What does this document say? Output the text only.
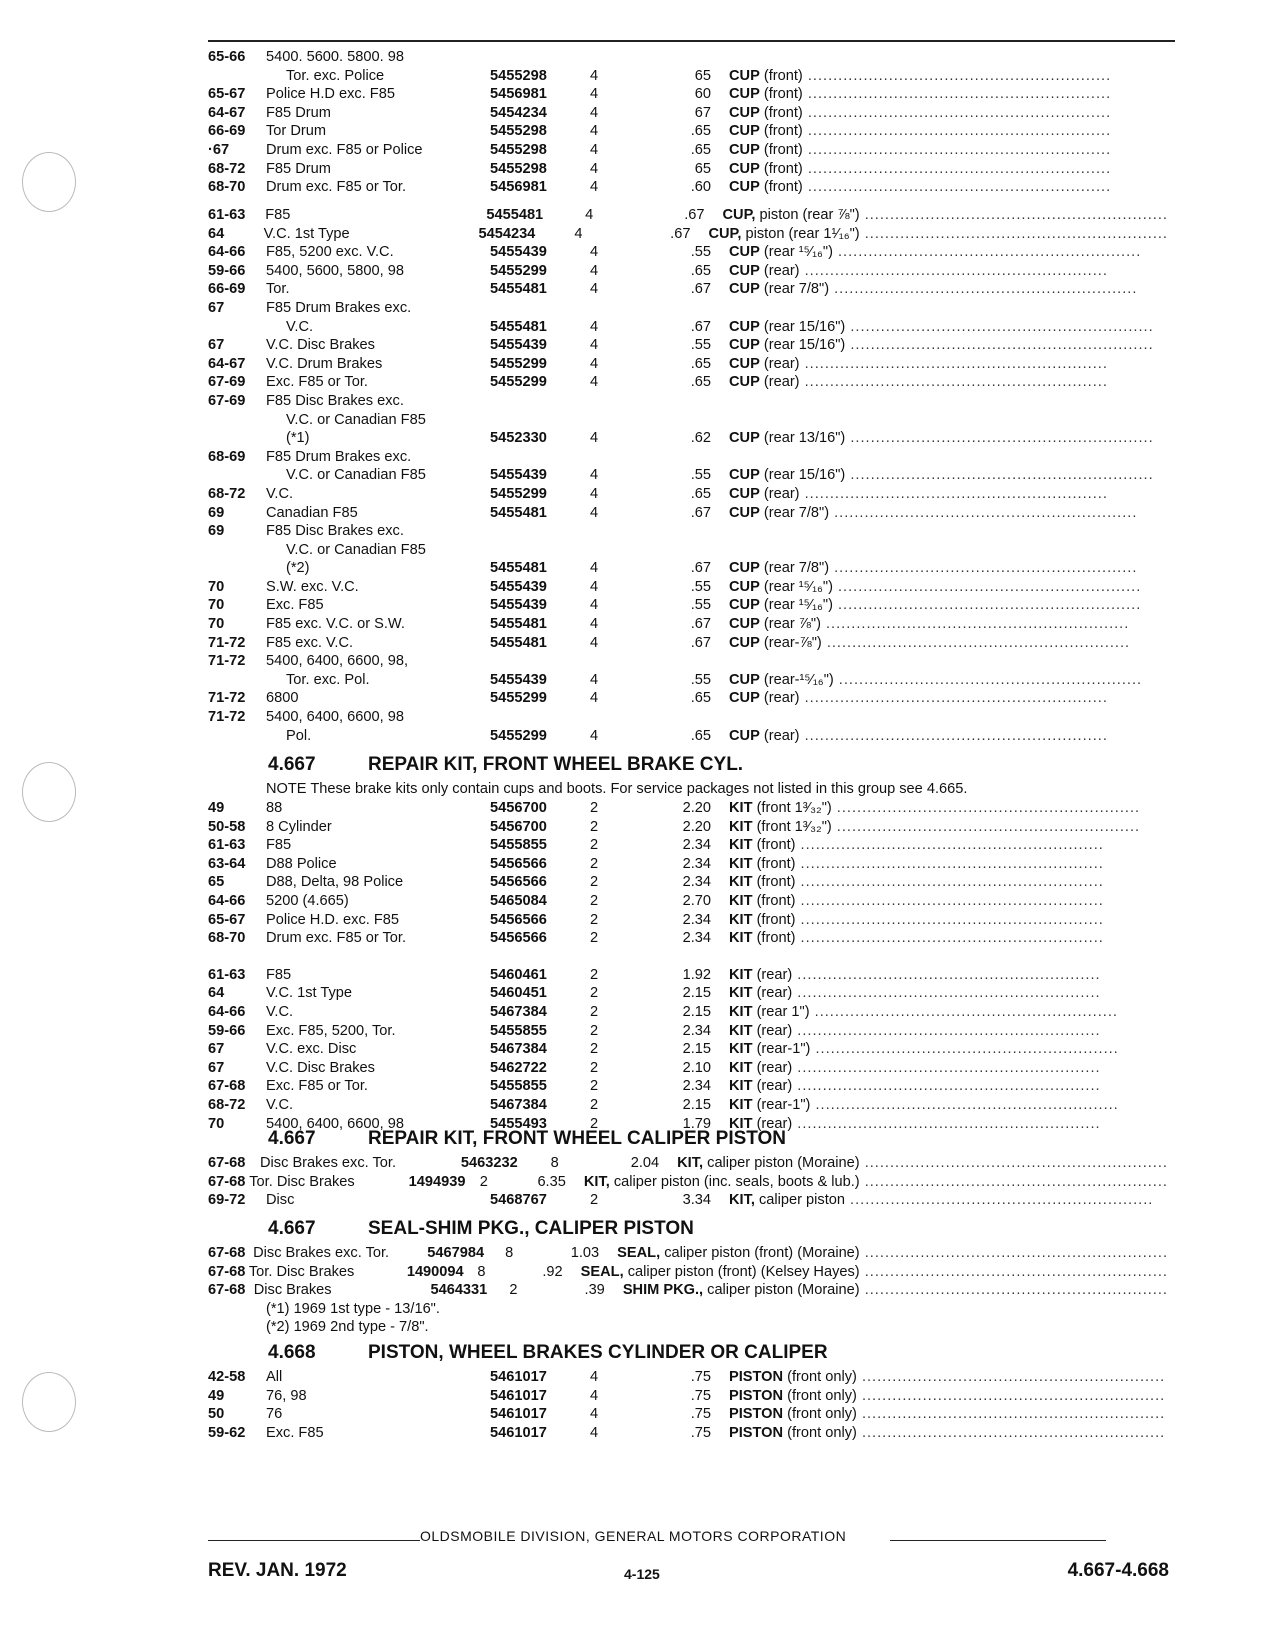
65-66	5400. 5600. 5800. 98
Tor. exc. Police	5455298	4	65	CUP (front) ............................................................
65-67	Police H.D exc. F85	5456981	4	60	CUP (front) ............................................................
64-67	F85 Drum	5454234	4	67	CUP (front) ............................................................
66-69	Tor Drum	5455298	4	.65	CUP (front) ............................................................
·67	Drum exc. F85 or Police	5455298	4	.65	CUP (front) ............................................................
68-72	F85 Drum	5455298	4	65	CUP (front) ............................................................
68-70	Drum exc. F85 or Tor.	5456981	4	.60	CUP (front) ............................................................
61-63	F85	5455481	4	.67	CUP, piston (rear ⅞") ............................................................
64	V.C. 1st Type	5454234	4	.67	CUP, piston (rear 1¹⁄₁₆") ............................................................
64-66	F85, 5200 exc. V.C.	5455439	4	.55	CUP (rear ¹⁵⁄₁₆") ............................................................
59-66	5400, 5600, 5800, 98	5455299	4	.65	CUP (rear) ............................................................
66-69	Tor.	5455481	4	.67	CUP (rear 7/8") ............................................................
67	F85 Drum Brakes exc.
V.C.	5455481	4	.67	CUP (rear 15/16") ............................................................
67	V.C. Disc Brakes	5455439	4	.55	CUP (rear 15/16") ............................................................
64-67	V.C. Drum Brakes	5455299	4	.65	CUP (rear) ............................................................
67-69	Exc. F85 or Tor.	5455299	4	.65	CUP (rear) ............................................................
67-69	F85 Disc Brakes exc.
V.C. or Canadian F85
(*1)	5452330	4	.62	CUP (rear 13/16") ............................................................
68-69	F85 Drum Brakes exc.
V.C. or Canadian F85	5455439	4	.55	CUP (rear 15/16") ............................................................
68-72	V.C.	5455299	4	.65	CUP (rear) ............................................................
69	Canadian F85	5455481	4	.67	CUP (rear 7/8") ............................................................
69	F85 Disc Brakes exc.
V.C. or Canadian F85
(*2)	5455481	4	.67	CUP (rear 7/8") ............................................................
70	S.W. exc. V.C.	5455439	4	.55	CUP (rear ¹⁵⁄₁₆") ............................................................
70	Exc. F85	5455439	4	.55	CUP (rear ¹⁵⁄₁₆") ............................................................
70	F85 exc. V.C. or S.W.	5455481	4	.67	CUP (rear ⅞") ............................................................
71-72	F85 exc. V.C.	5455481	4	.67	CUP (rear-⅞") ............................................................
71-72	5400, 6400, 6600, 98,
Tor. exc. Pol.	5455439	4	.55	CUP (rear-¹⁵⁄₁₆") ............................................................
71-72	6800	5455299	4	.65	CUP (rear) ............................................................
71-72	5400, 6400, 6600, 98
Pol.	5455299	4	.65	CUP (rear) ............................................................
4.667	REPAIR KIT, FRONT WHEEL BRAKE CYL.
NOTE These brake kits only contain cups and boots. For service packages not listed in this group see 4.665.
49	88	5456700	2	2.20	KIT (front 1³⁄₃₂") ............................................................
50-58	8 Cylinder	5456700	2	2.20	KIT (front 1³⁄₃₂") ............................................................
61-63	F85	5455855	2	2.34	KIT (front) ............................................................
63-64	D88 Police	5456566	2	2.34	KIT (front) ............................................................
65	D88, Delta, 98 Police	5456566	2	2.34	KIT (front) ............................................................
64-66	5200 (4.665)	5465084	2	2.70	KIT (front) ............................................................
65-67	Police H.D. exc. F85	5456566	2	2.34	KIT (front) ............................................................
68-70	Drum exc. F85 or Tor.	5456566	2	2.34	KIT (front) ............................................................
61-63	F85	5460461	2	1.92	KIT (rear) ............................................................
64	V.C. 1st Type	5460451	2	2.15	KIT (rear) ............................................................
64-66	V.C.	5467384	2	2.15	KIT (rear 1") ............................................................
59-66	Exc. F85, 5200, Tor.	5455855	2	2.34	KIT (rear) ............................................................
67	V.C. exc. Disc	5467384	2	2.15	KIT (rear-1") ............................................................
67	V.C. Disc Brakes	5462722	2	2.10	KIT (rear) ............................................................
67-68	Exc. F85 or Tor.	5455855	2	2.34	KIT (rear) ............................................................
68-72	V.C.	5467384	2	2.15	KIT (rear-1") ............................................................
70	5400, 6400, 6600, 98	5455493	2	1.79	KIT (rear) ............................................................
4.667	REPAIR KIT, FRONT WHEEL CALIPER PISTON
67-68	Disc Brakes exc. Tor.	5463232	8	2.04	KIT, caliper piston (Moraine) ............................................................
67-68 Tor. Disc Brakes	1494939 2	6.35	KIT, caliper piston (inc. seals, boots & lub.) ............................................................
69-72	Disc	5468767	2	3.34	KIT, caliper piston ............................................................
4.667	SEAL-SHIM PKG., CALIPER PISTON
67-68 Disc Brakes exc. Tor.	5467984	8	1.03	SEAL, caliper piston (front) (Moraine) ............................................................
67-68 Tor. Disc Brakes	1490094 8	.92	SEAL, caliper piston (front) (Kelsey Hayes) ............................................................
67-68 Disc Brakes	5464331	2	.39	SHIM PKG., caliper piston (Moraine) ............................................................
(*1) 1969 1st type - 13/16".
(*2) 1969 2nd type - 7/8".
4.668	PISTON, WHEEL BRAKES CYLINDER OR CALIPER
42-58	All	5461017	4	.75	PISTON (front only) ............................................................
49	76, 98	5461017	4	.75	PISTON (front only) ............................................................
50	76	5461017	4	.75	PISTON (front only) ............................................................
59-62	Exc. F85	5461017	4	.75	PISTON (front only) ............................................................
OLDSMOBILE DIVISION, GENERAL MOTORS CORPORATION
REV. JAN. 1972	4-125	4.667-4.668
